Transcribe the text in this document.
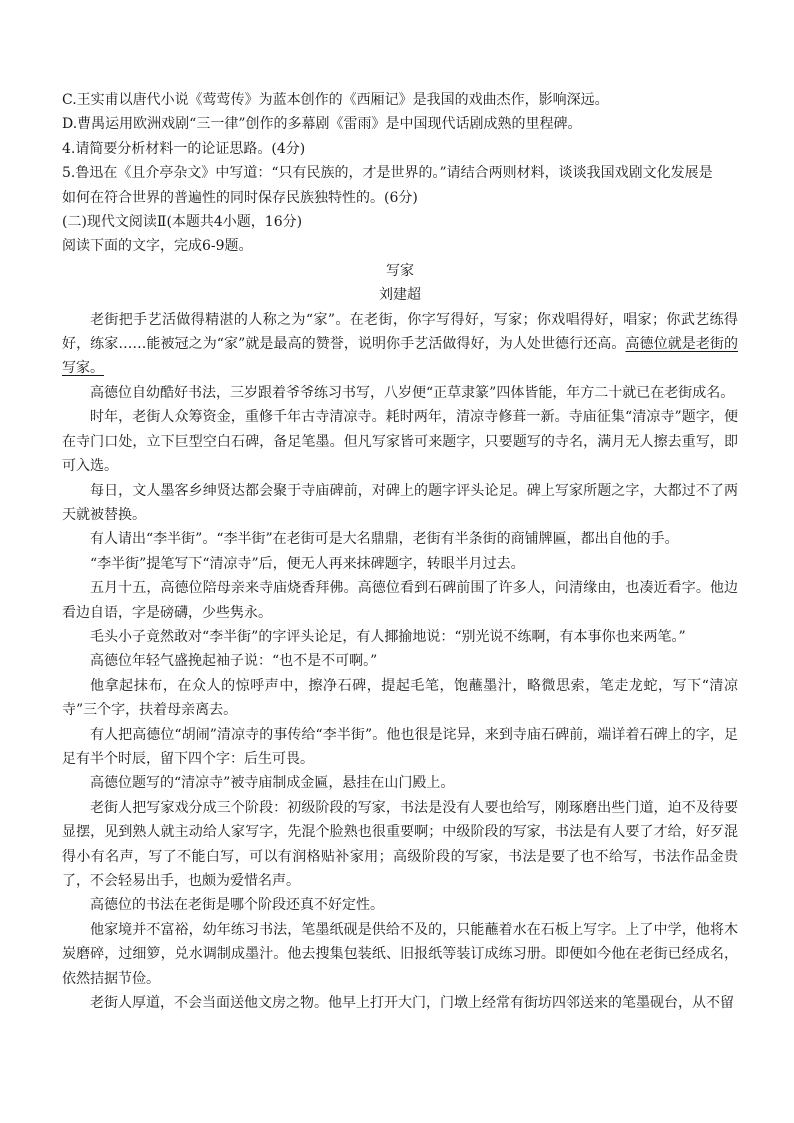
C.王实甫以唐代小说《莺莺传》为蓝本创作的《西厢记》是我国的戏曲杰作，影响深远。

D.曹禺运用欧洲戏剧“三一律”创作的多幕剧《雷雨》是中国现代话剧成熟的里程碑。

4.请简要分析材料一的论证思路。(4分)

5.鲁迅在《且介亭杂文》中写道：“只有民族的，才是世界的。”请结合两则材料，谈谈我国戏剧文化发展是

如何在符合世界的普遍性的同时保存民族独特性的。(6分)

(二)现代文阅读Ⅱ(本题共4小题，16分)

阅读下面的文字，完成6-9题。

写家

刘建超

老街把手艺活做得精湛的人称之为“家”。在老街，你字写得好，写家；你戏唱得好，唱家；你武艺练得好，练家……能被冠之为“家”就是最高的赞誉，说明你手艺活做得好，为人处世德行还高。高德位就是老街的写家。

高德位自幼酷好书法，三岁跟着爷爷练习书写，八岁便“正草隶篆”四体皆能，年方二十就已在老街成名。

时年，老街人众筹资金，重修千年古寺清凉寺。耗时两年，清凉寺修葺一新。寺庙征集“清凉寺”题字，便在寺门口处，立下巨型空白石碑，备足笔墨。但凡写家皆可来题字，只要题写的寺名，满月无人擦去重写，即可入选。

每日，文人墨客乡绅贤达都会聚于寺庙碑前，对碑上的题字评头论足。碑上写家所题之字，大都过不了两天就被替换。

有人请出“李半街”。“李半街”在老街可是大名鼎鼎，老街有半条街的商铺牌匾，都出自他的手。

“李半街”提笔写下“清凉寺”后，便无人再来抹碑题字，转眼半月过去。

五月十五，高德位陪母亲来寺庙烧香拜佛。高德位看到石碑前围了许多人，问清缘由，也凑近看字。他边看边自语，字是磅礴，少些隽永。

毛头小子竟然敢对“李半街”的字评头论足，有人揶揄地说：“别光说不练啊，有本事你也来两笔。”

高德位年轻气盛挽起袖子说：“也不是不可啊。”

他拿起抹布，在众人的惊呼声中，擦净石碑，提起毛笔，饱蘸墨汁，略微思索，笔走龙蛇，写下“清凉寺”三个字，扶着母亲离去。

有人把高德位“胡闹”清凉寺的事传给“李半街”。他也很是诧异，来到寺庙石碑前，端详着石碑上的字，足足有半个时辰，留下四个字：后生可畏。

高德位题写的“清凉寺”被寺庙制成金匾，悬挂在山门殿上。

老街人把写家戏分成三个阶段：初级阶段的写家，书法是没有人要也给写，刚琢磨出些门道，迫不及待要显摆，见到熟人就主动给人家写字，先混个脸熟也很重要啊；中级阶段的写家，书法是有人要了才给，好歹混得小有名声，写了不能白写，可以有润格贴补家用；高级阶段的写家，书法是要了也不给写，书法作品金贵了，不会轻易出手，也颇为爱惜名声。

高德位的书法在老街是哪个阶段还真不好定性。

他家境并不富裕，幼年练习书法，笔墨纸砚是供给不及的，只能蘸着水在石板上写字。上了中学，他将木炭磨碎，过细箩，兑水调制成墨汁。他去搜集包装纸、旧报纸等装订成练习册。即便如今他在老街已经成名，依然拮据节俭。

老街人厚道，不会当面送他文房之物。他早上打开大门，门墩上经常有街坊四邻送来的笔墨砚台，从不留
